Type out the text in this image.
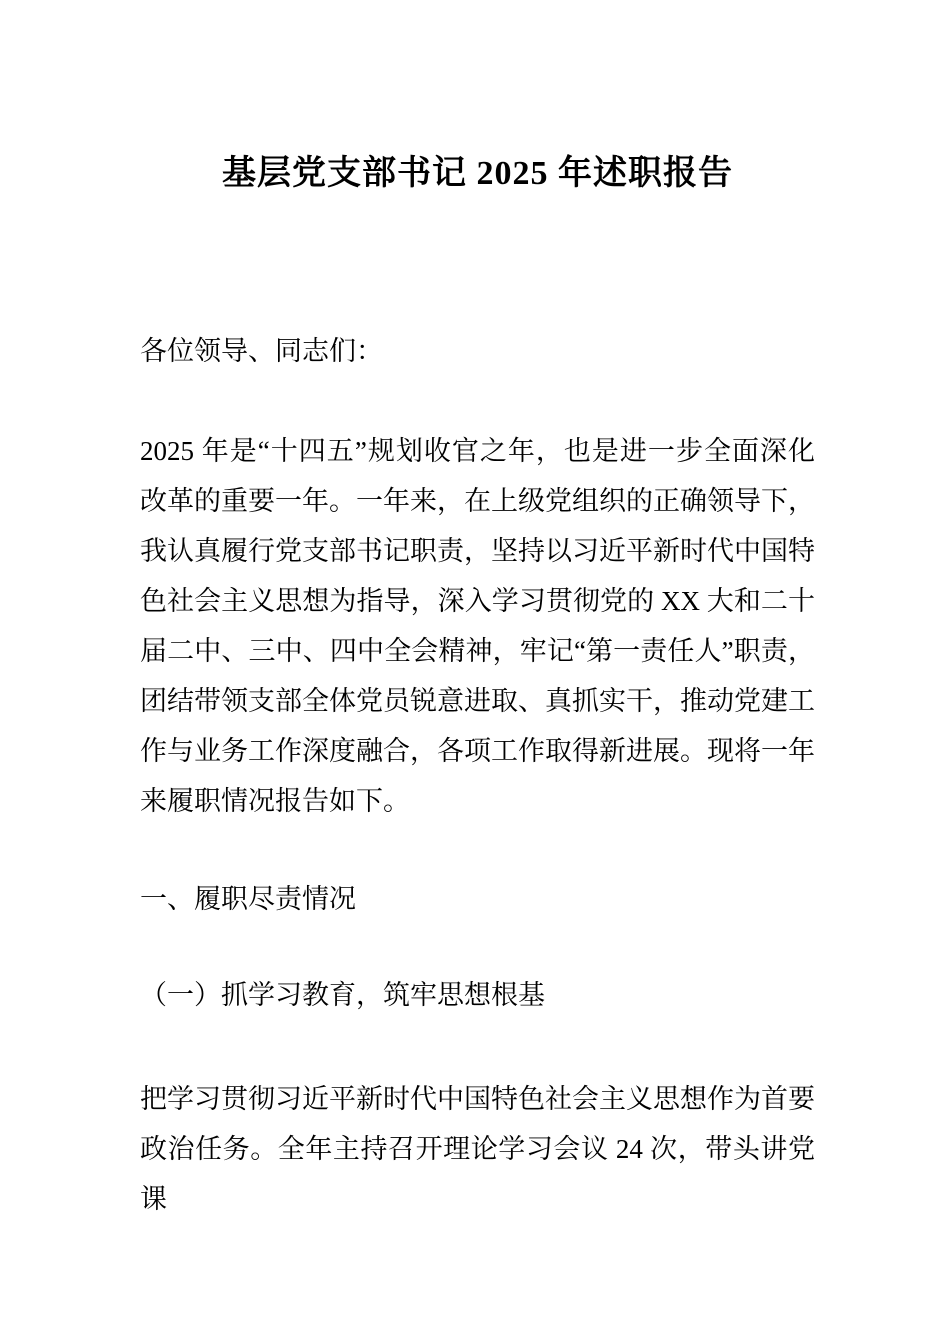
基层党支部书记 2025 年述职报告

各位领导、同志们：

2025 年是“十四五”规划收官之年，也是进一步全面深化改革的重要一年。一年来，在上级党组织的正确领导下，我认真履行党支部书记职责，坚持以习近平新时代中国特色社会主义思想为指导，深入学习贯彻党的 XX 大和二十届二中、三中、四中全会精神，牢记“第一责任人”职责，团结带领支部全体党员锐意进取、真抓实干，推动党建工作与业务工作深度融合，各项工作取得新进展。现将一年来履职情况报告如下。

一、履职尽责情况

（一）抓学习教育，筑牢思想根基

把学习贯彻习近平新时代中国特色社会主义思想作为首要政治任务。全年主持召开理论学习会议 24 次，带头讲党课
